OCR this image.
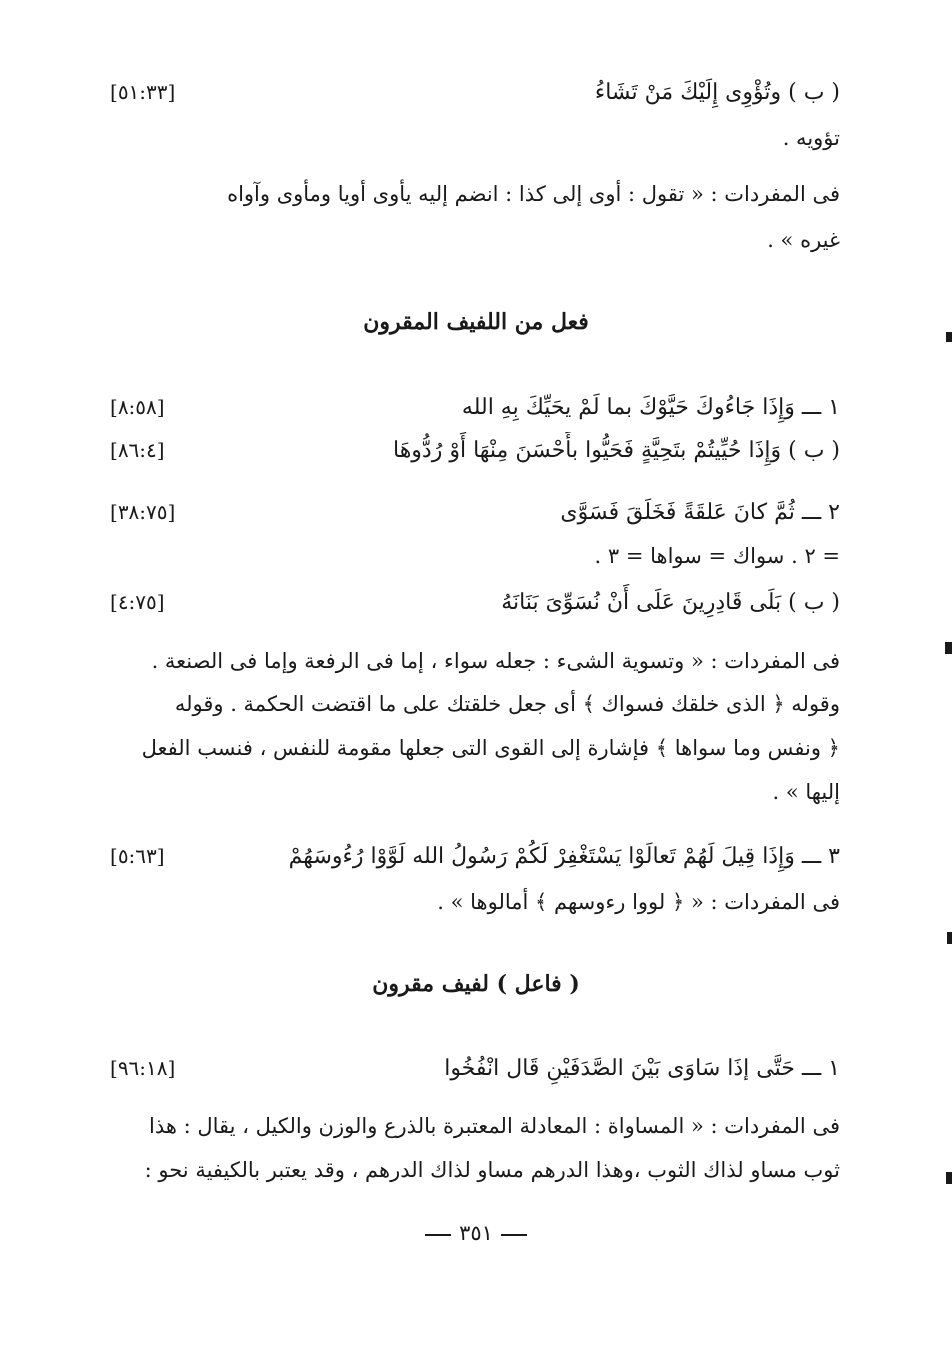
( ب ) وتُؤْوِى إِلَيْكَ مَنْ تَشَاءُ
[٥١:٣٣]
تؤويه .
فى المفردات : « تقول : أوى إلى كذا : انضم إليه يأوى أويا ومأوى وآواه
غيره » .
فعل من اللفيف المقرون
١ ـــ وَإِذَا جَاءُوكَ حَيَّوْكَ بما لَمْ يحَيِّكَ بِهِ الله
[٨:٥٨]
( ب ) وَإِذَا حُيِّيتُمْ بتَحِيَّةٍ فَحَيُّوا بأَحْسَنَ مِنْهَا أَوْ رُدُّوهَا
[٨٦:٤]
٢ ـــ ثُمَّ كانَ عَلقَةً فَخَلَقَ فَسَوَّى
[٣٨:٧٥]
= ٢ . سواك = سواها = ٣ .
( ب ) بَلَى قَادِرِينَ عَلَى أَنْ نُسَوِّىَ بَنَانَهُ
[٤:٧٥]
فى المفردات : « وتسوية الشىء : جعله سواء ، إما فى الرفعة وإما فى الصنعة .
وقوله ﴿ الذى خلقك فسواك ﴾ أى جعل خلقتك على ما اقتضت الحكمة . وقوله
﴿ ونفس وما سواها ﴾ فإشارة إلى القوى التى جعلها مقومة للنفس ، فنسب الفعل
إليها » .
٣ ـــ وَإِذَا قِيلَ لَهُمْ تَعالَوْا يَسْتَغْفِرْ لَكُمْ رَسُولُ الله لَوَّوْا رُءُوسَهُمْ
[٥:٦٣]
فى المفردات : « ﴿ لووا رءوسهم ﴾ أمالوها » .
( فاعل ) لفيف مقرون
١ ـــ حَتَّى إذَا سَاوَى بَيْنَ الصَّدَفَيْنِ قَال انْفُخُوا
[٩٦:١٨]
فى المفردات : « المساواة : المعادلة المعتبرة بالذرع والوزن والكيل ، يقال : هذا
ثوب مساو لذاك الثوب ،وهذا الدرهم مساو لذاك الدرهم ، وقد يعتبر بالكيفية نحو :
٣٥١
